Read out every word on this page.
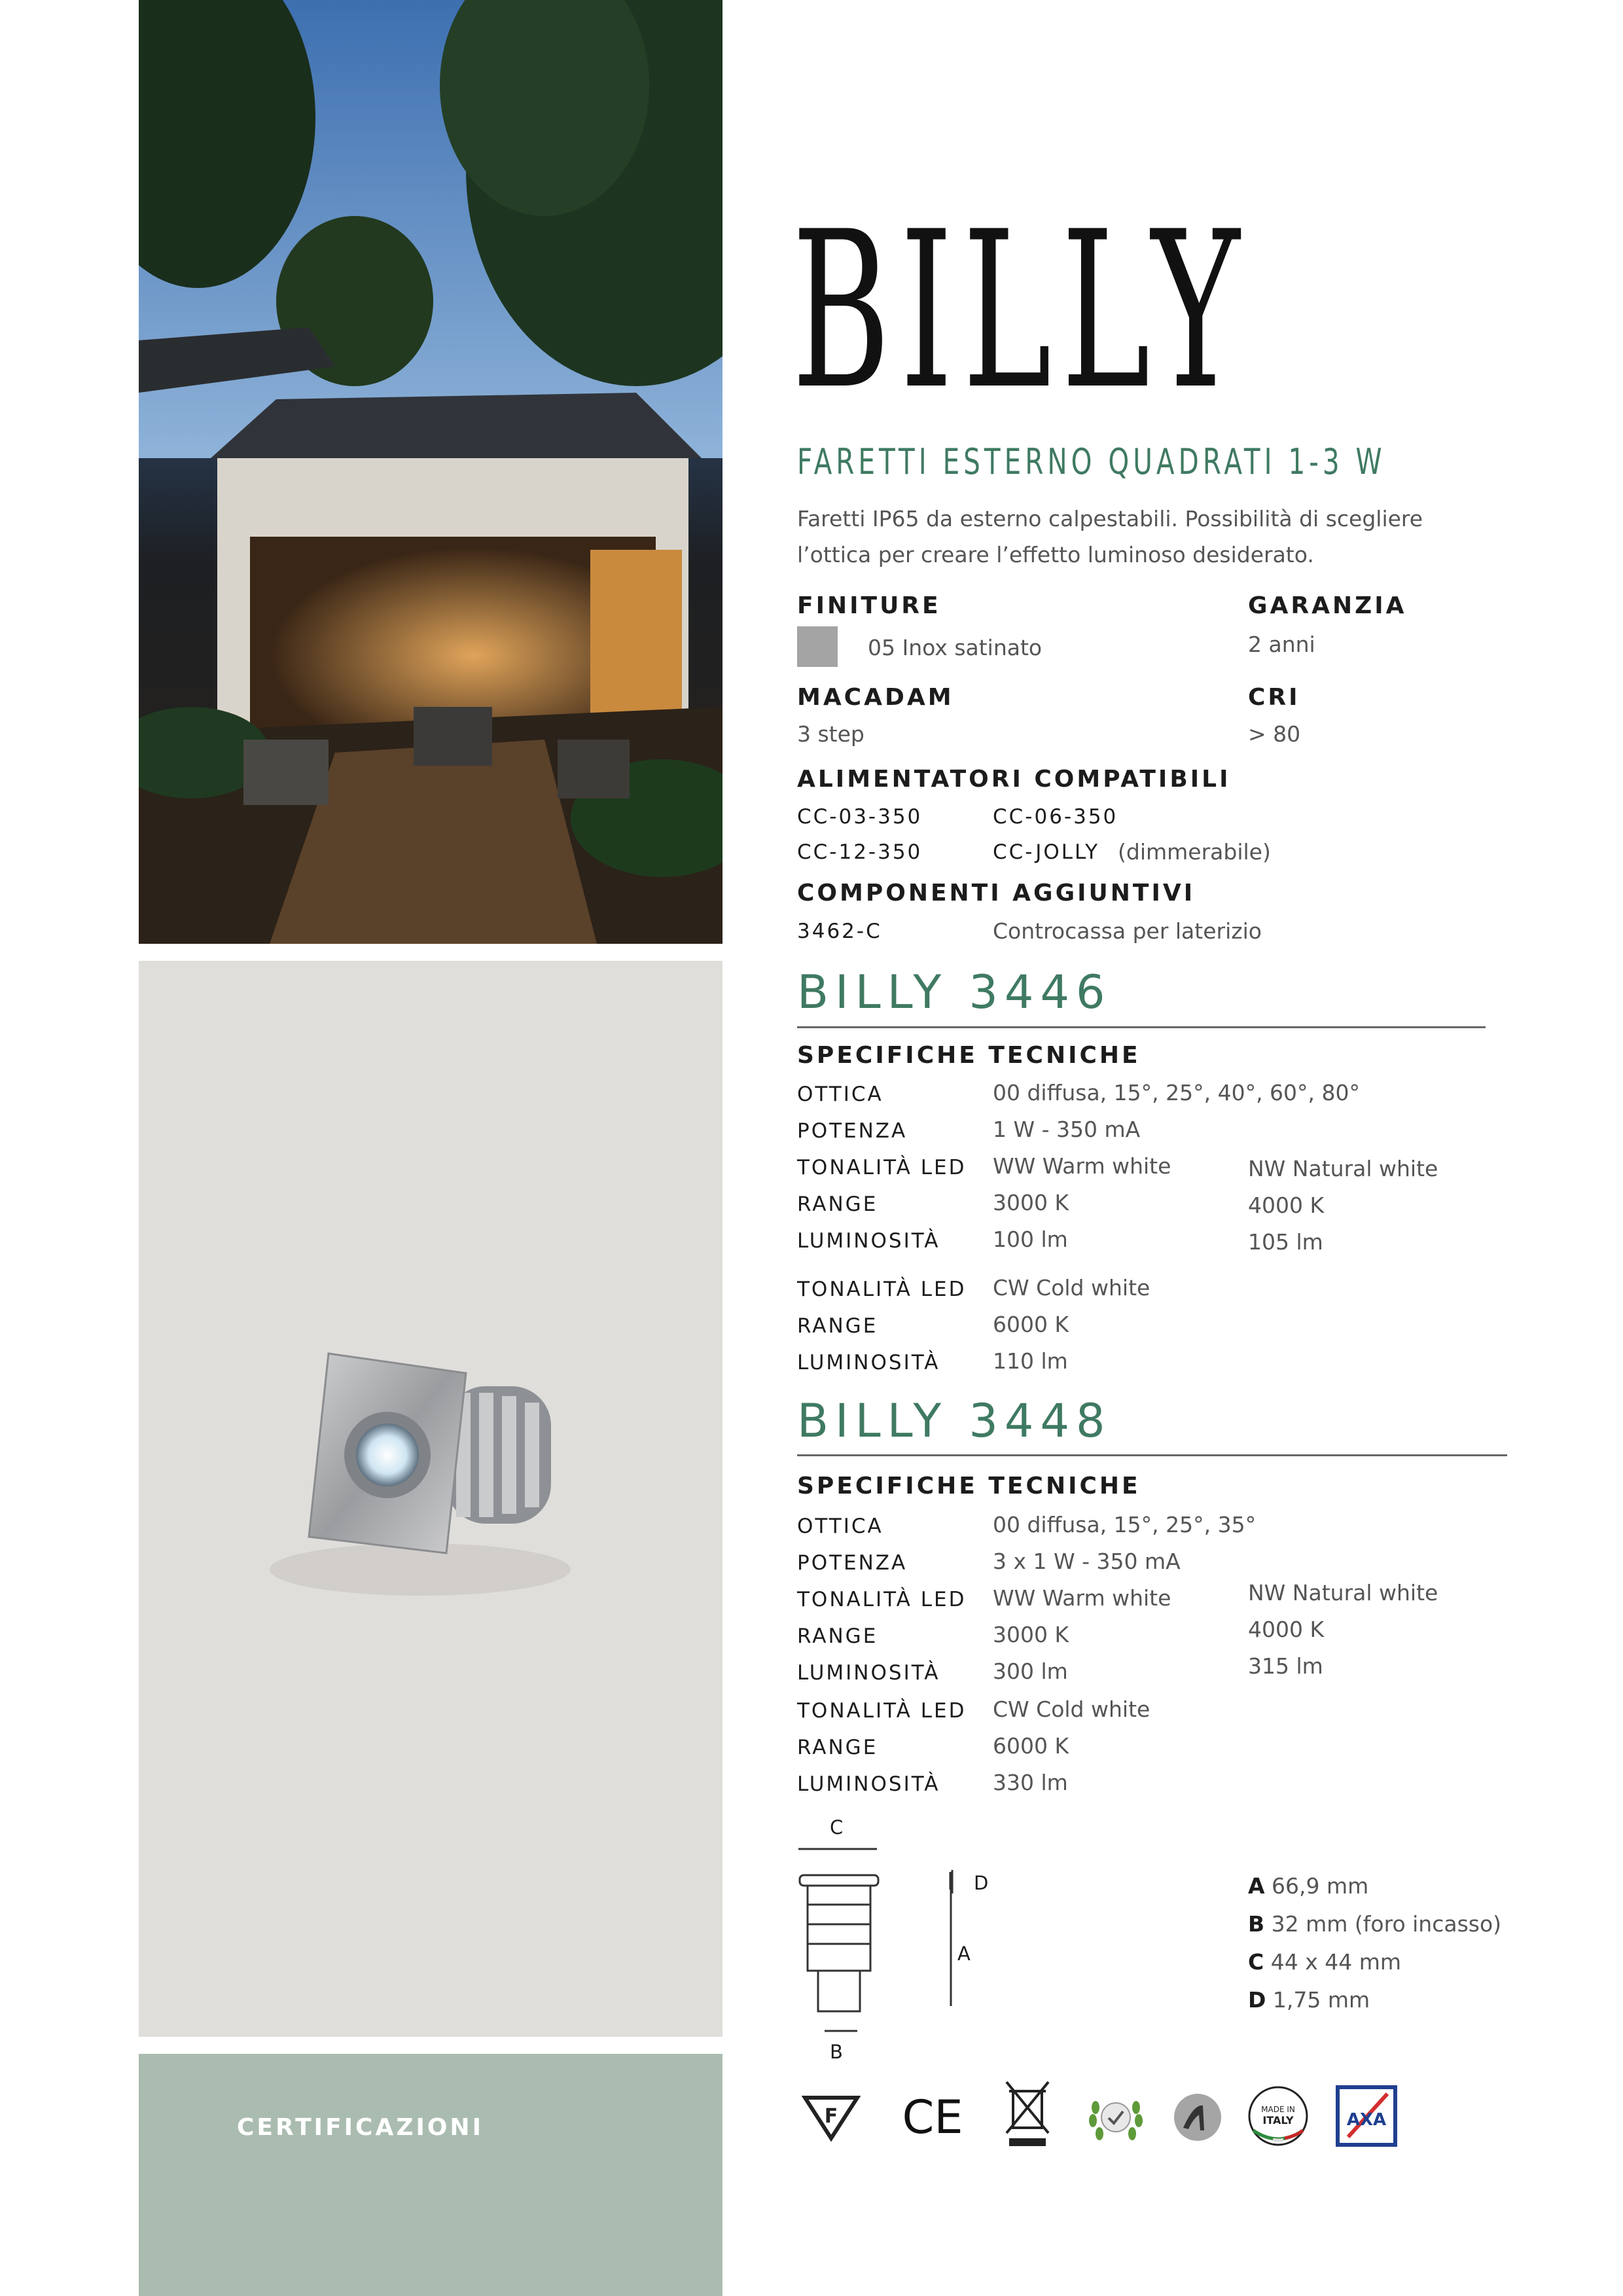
CERTIFICAZIONI
BILLY
FARETTI ESTERNO QUADRATI 1-3 W
Faretti IP65 da esterno calpestabili. Possibilità di scegliere
l’ottica per creare l’effetto luminoso desiderato.
FINITURE
05 Inox satinato
GARANZIA
2 anni
MACADAM
3 step
CRI
> 80
ALIMENTATORI COMPATIBILI
CC-03-350	CC-06-350
CC-12-350	CC-JOLLY (dimmerabile)
COMPONENTI AGGIUNTIVI
3462-C	Controcassa per laterizio
BILLY 3446
SPECIFICHE TECNICHE
OTTICA	00 diffusa, 15°, 25°, 40°, 60°, 80°
POTENZA	1 W - 350 mA
TONALITÀ LED WW Warm white	NW Natural white
RANGE	3000 K	4000 K
LUMINOSITÀ 100 lm	105 lm
TONALITÀ LED CW Cold white
RANGE	6000 K
LUMINOSITÀ 110 lm
BILLY 3448
SPECIFICHE TECNICHE
OTTICA	00 diffusa, 15°, 25°, 35°
POTENZA	3 x 1 W - 350 mA
TONALITÀ LED WW Warm white	NW Natural white
RANGE	3000 K	4000 K
LUMINOSITÀ 300 lm	315 lm
TONALITÀ LED CW Cold white
RANGE	6000 K
LUMINOSITÀ 330 lm
C
D
A
B
A 66,9 mm
B 32 mm (foro incasso)
C 44 x 44 mm
D 1,75 mm
F CE	MADE IN
ITALY	AXA
